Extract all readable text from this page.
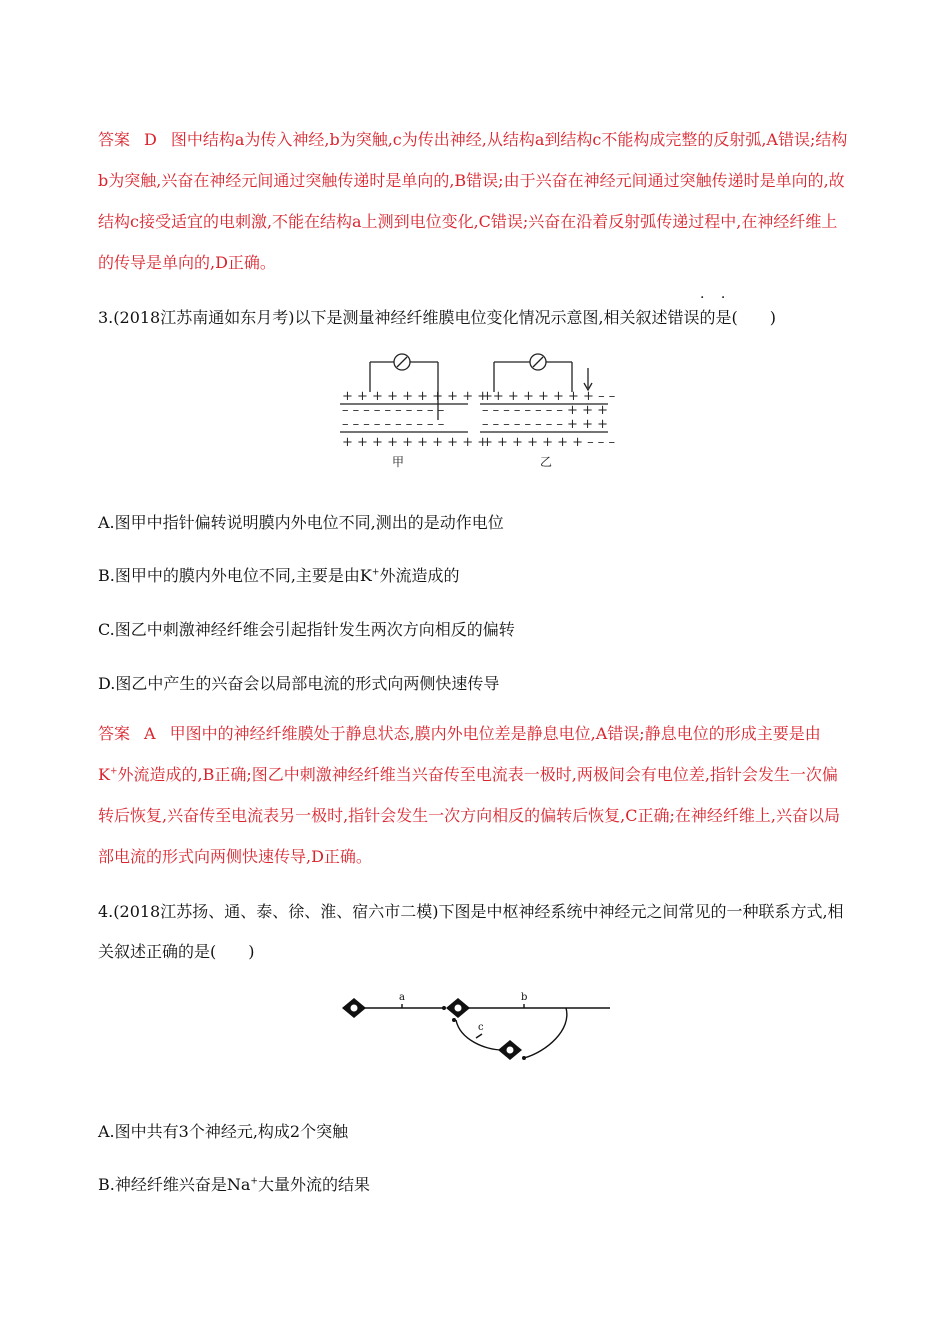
答案 D 图中结构a为传入神经,b为突触,c为传出神经,从结构a到结构c不能构成完整的反射弧,A错误;结构b为突触,兴奋在神经元间通过突触传递时是单向的,B错误;由于兴奋在神经元间通过突触传递时是单向的,故结构c接受适宜的电刺激,不能在结构a上测到电位变化,C错误;兴奋在沿着反射弧传递过程中,在神经纤维上的传导是单向的,D正确。
· ·
3.(2018江苏南通如东月考)以下是测量神经纤维膜电位变化情况示意图,相关叙述错误的是(　　)
+ + + + + + + + + +
– – – – – – – – – –
– – – – – – – – – –
+ + + + + + + + + +
++ + + + + + + – –
– – – – – – – – + + +
– – – – – – – – + + +
+ + + + + + + – – –
甲	乙
A.图甲中指针偏转说明膜内外电位不同,测出的是动作电位
B.图甲中的膜内外电位不同,主要是由K+外流造成的
C.图乙中刺激神经纤维会引起指针发生两次方向相反的偏转
D.图乙中产生的兴奋会以局部电流的形式向两侧快速传导
答案 A 甲图中的神经纤维膜处于静息状态,膜内外电位差是静息电位,A错误;静息电位的形成主要是由K+外流造成的,B正确;图乙中刺激神经纤维当兴奋传至电流表一极时,两极间会有电位差,指针会发生一次偏转后恢复,兴奋传至电流表另一极时,指针会发生一次方向相反的偏转后恢复,C正确;在神经纤维上,兴奋以局部电流的形式向两侧快速传导,D正确。
4.(2018江苏扬、通、泰、徐、淮、宿六市二模)下图是中枢神经系统中神经元之间常见的一种联系方式,相关叙述正确的是(　　)
a	b
c
A.图中共有3个神经元,构成2个突触
B.神经纤维兴奋是Na+大量外流的结果
